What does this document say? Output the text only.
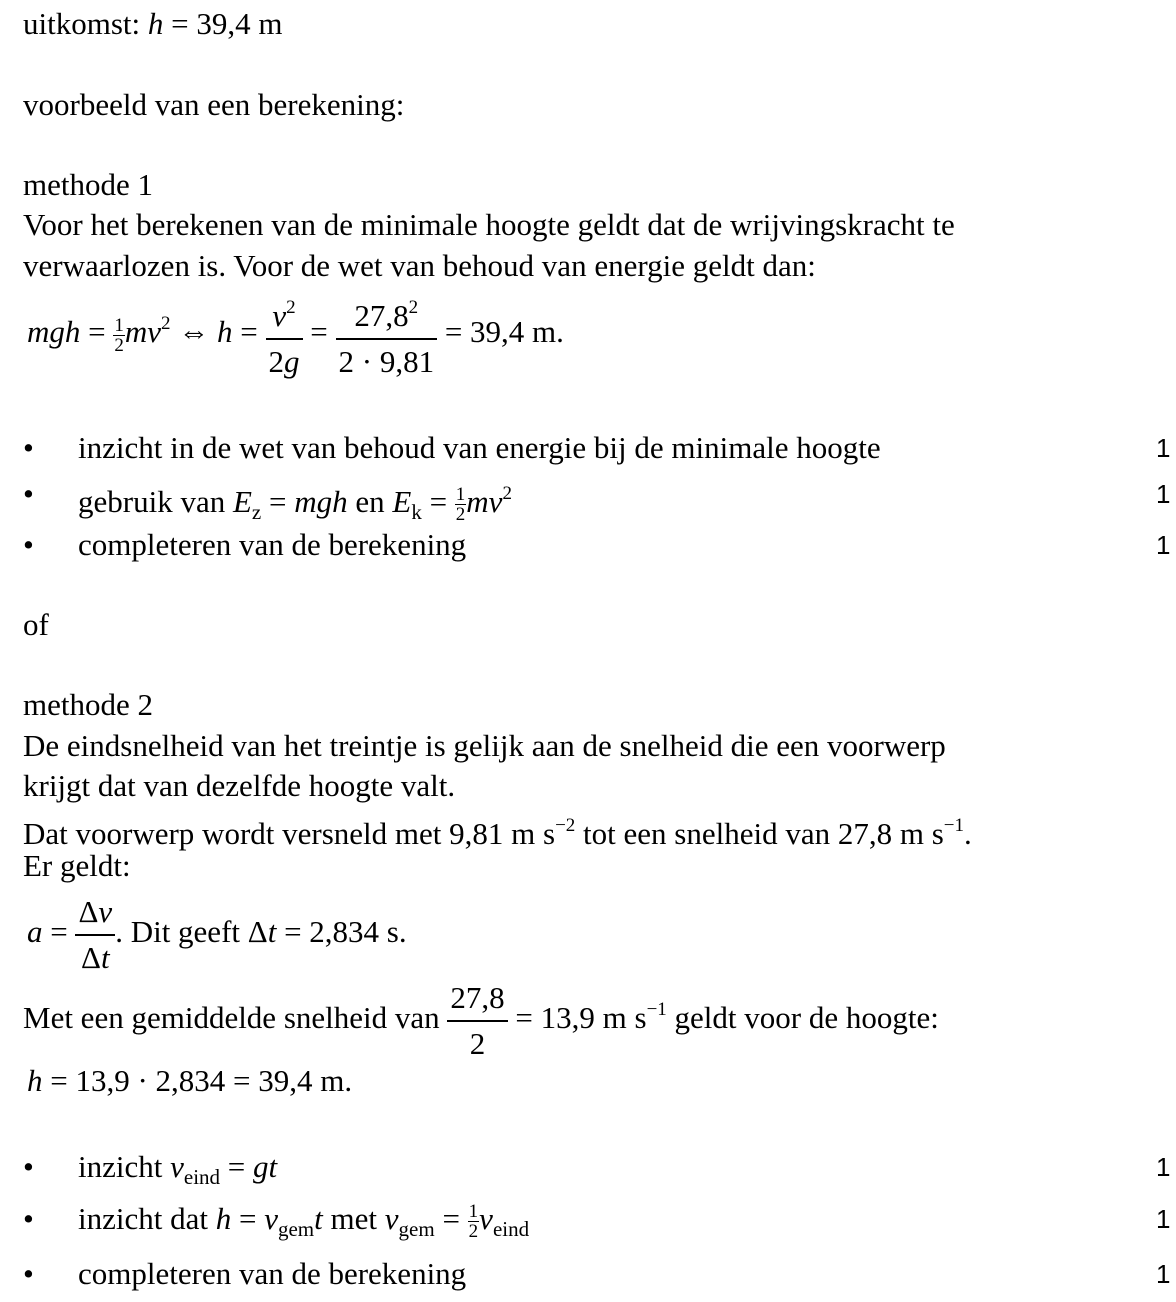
uitkomst: h = 39,4 m
voorbeeld van een berekening:
methode 1
Voor het berekenen van de minimale hoogte geldt dat de wrijvingskracht te
verwaarlozen is. Voor de wet van behoud van energie geldt dan:
mgh = $\frac{1}{2} mv^2$ ⇔ $h = \frac{v^2}{2g} = \frac{27,8^2}{2 \cdot 9,81} = 39,4$ m.
• inzicht in de wet van behoud van energie bij de minimale hoogte	1
• gebruik van $E_z$ = mgh en $E_k = \frac{1}{2} mv^2$	1
• completeren van de berekening	1
of
methode 2
De eindsnelheid van het treintje is gelijk aan de snelheid die een voorwerp
krijgt dat van dezelfde hoogte valt.
Dat voorwerp wordt versneld met 9,81 m $s^{-2}$ tot een snelheid van 27,8 m $s^{-1}$.
Er geldt:
$a = \frac{\Delta v}{\Delta t}$ . Dit geeft Δt = 2,834 s.
Met een gemiddelde snelheid van $\frac{27,8}{2} = 13,9$ m $s^{-1}$ geldt voor de hoogte:
h = 13,9 · 2,834 = 39,4 m.
• inzicht $v_{eind}$ = gt	1
• inzicht dat $h = v_{gem}t$ met $v_{gem} = \frac{1}{2} v_{eind}$	1
• completeren van de berekening	1
